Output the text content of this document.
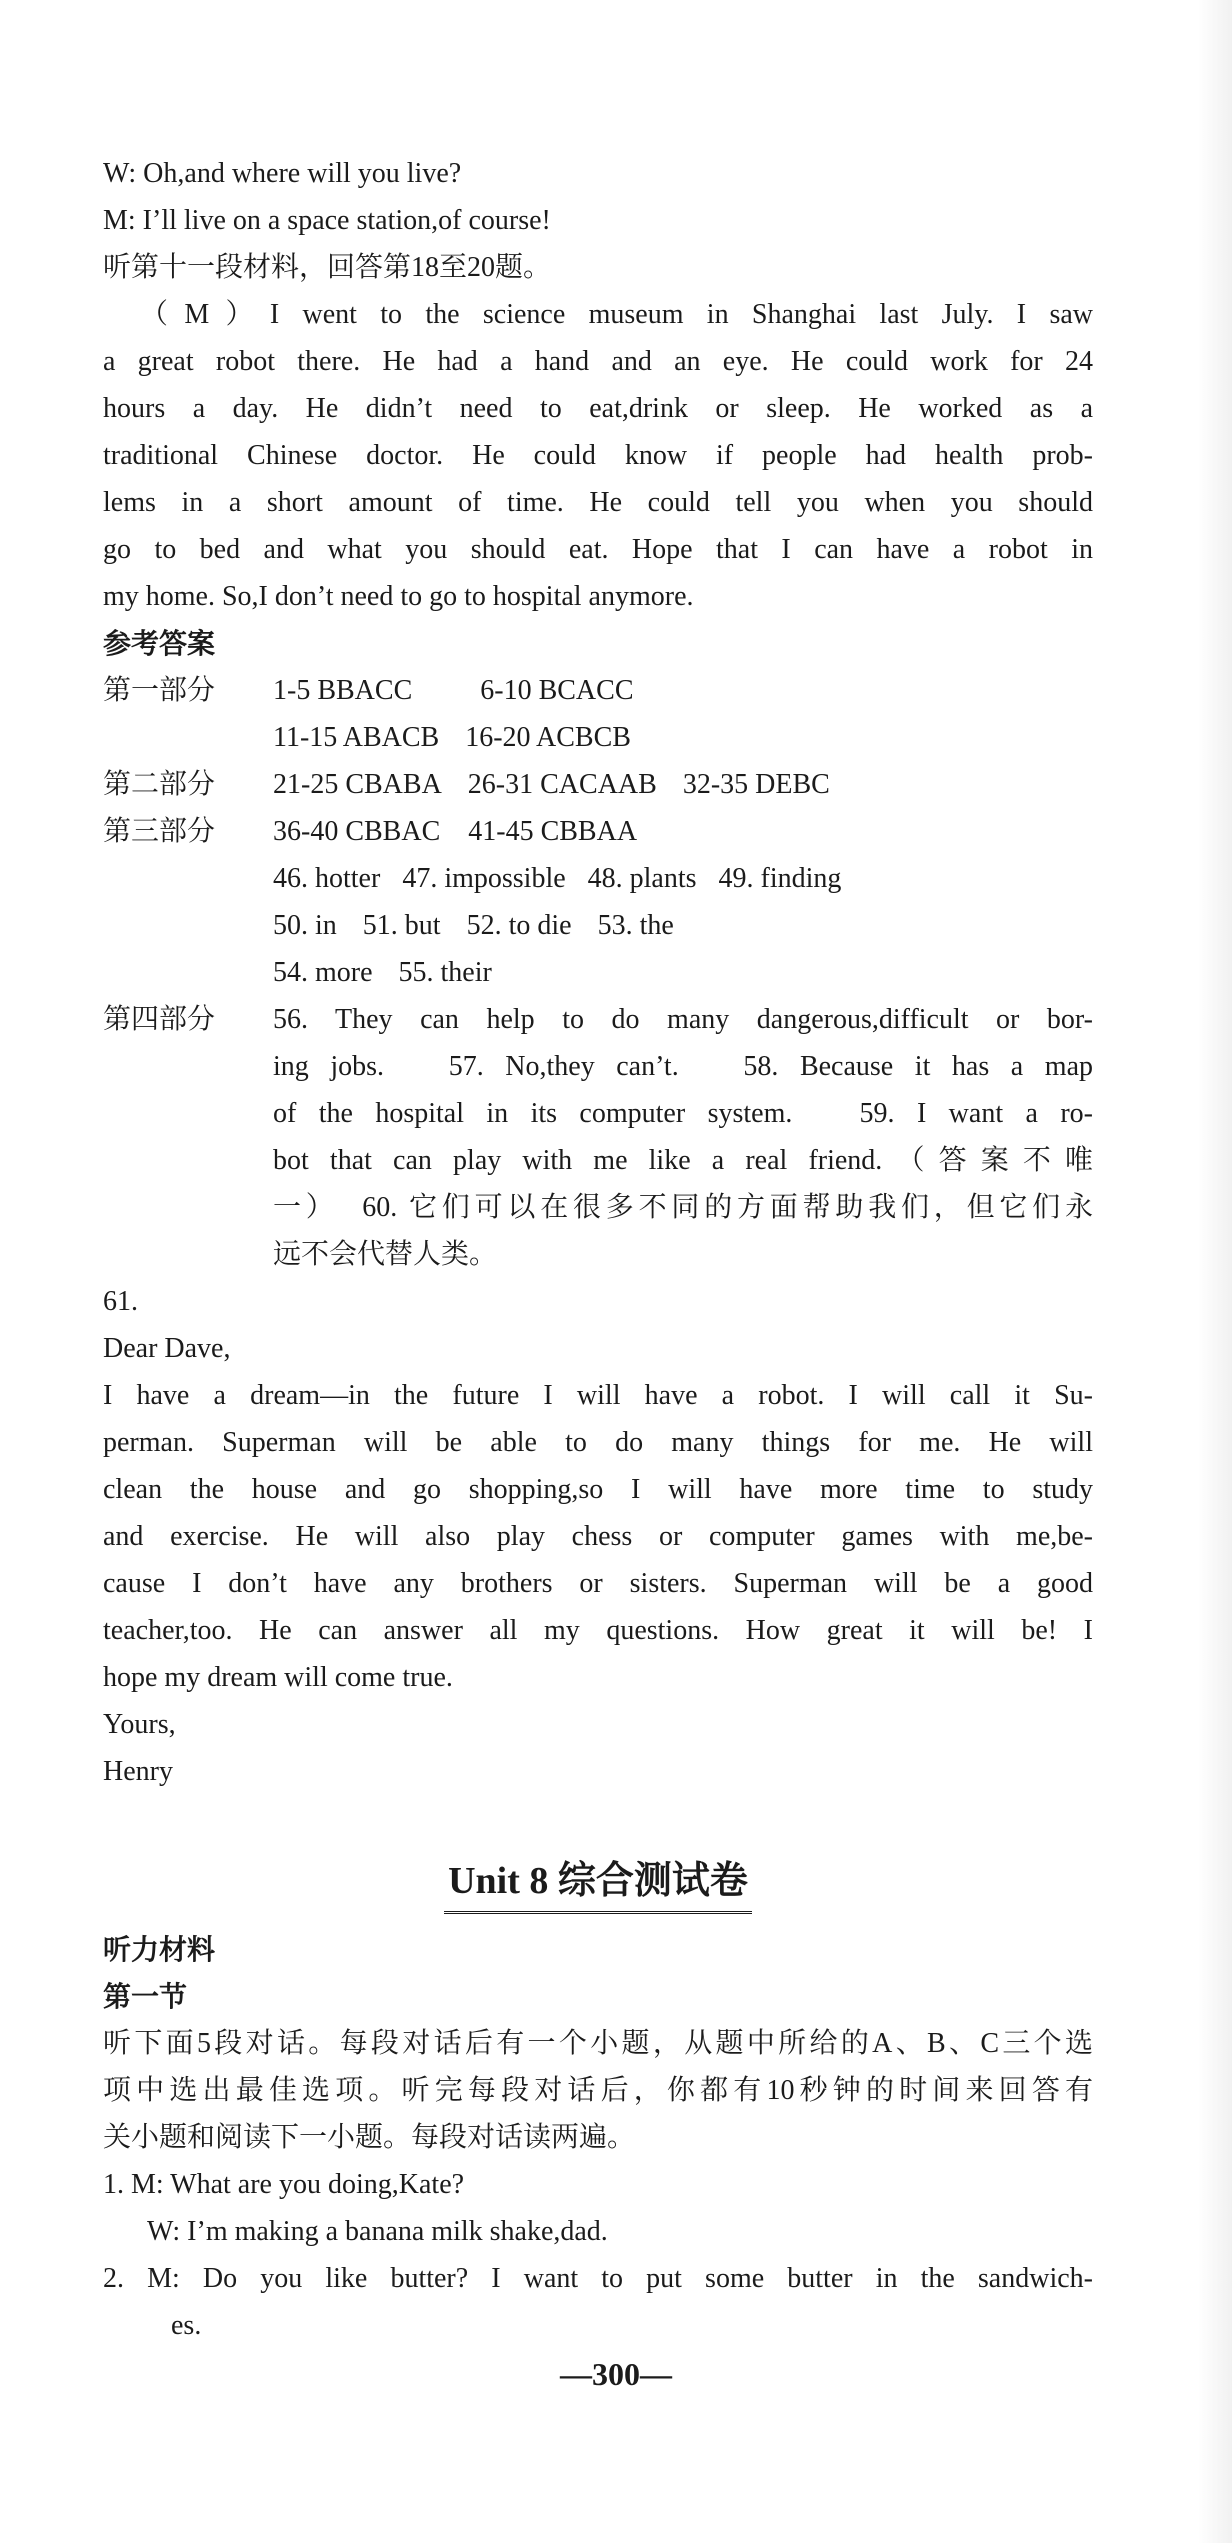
W: Oh,and where will you live?
M: I’ll live on a space station,of course!
听第十一段材料，回答第18至20题。
（M）I went to the science museum in Shanghai last July. I saw
a great robot there. He had a hand and an eye. He could work for 24
hours a day. He didn’t need to eat,drink or sleep. He worked as a
traditional Chinese doctor. He could know if people had health prob-
lems in a short amount of time. He could tell you when you should
go to bed and what you should eat. Hope that I can have a robot in
my home. So,I don’t need to go to hospital anymore.
参考答案
第一部分	1-5 BBACC 6-10 BCACC
11-15 ABACB 16-20 ACBCB
第二部分	21-25 CBABA 26-31 CACAAB 32-35 DEBC
第三部分	36-40 CBBAC 41-45 CBBAA
46. hotter 47. impossible 48. plants 49. finding
50. in 51. but 52. to die 53. the
54. more 55. their
第四部分	56. They can help to do many dangerous,difficult or bor-
ing jobs.   57. No,they can’t.   58. Because it has a map
of the hospital in its computer system.   59. I want a ro-
bot that can play with me like a real friend.（答案不唯
一）  60. 它们可以在很多不同的方面帮助我们，但它们永
远不会代替人类。
61.
Dear Dave,
I have a dream—in the future I will have a robot. I will call it Su-
perman. Superman will be able to do many things for me. He will
clean the house and go shopping,so I will have more time to study
and exercise. He will also play chess or computer games with me,be-
cause I don’t have any brothers or sisters. Superman will be a good
teacher,too. He can answer all my questions. How great it will be! I
hope my dream will come true.
Yours,
Henry
Unit 8 综合测试卷
听力材料
第一节
听下面5段对话。每段对话后有一个小题，从题中所给的A、B、C三个选
项中选出最佳选项。听完每段对话后，你都有10秒钟的时间来回答有
关小题和阅读下一小题。每段对话读两遍。
1. M: What are you doing,Kate?
W: I’m making a banana milk shake,dad.
2. M: Do you like butter? I want to put some butter in the sandwich-
es.
—300—
